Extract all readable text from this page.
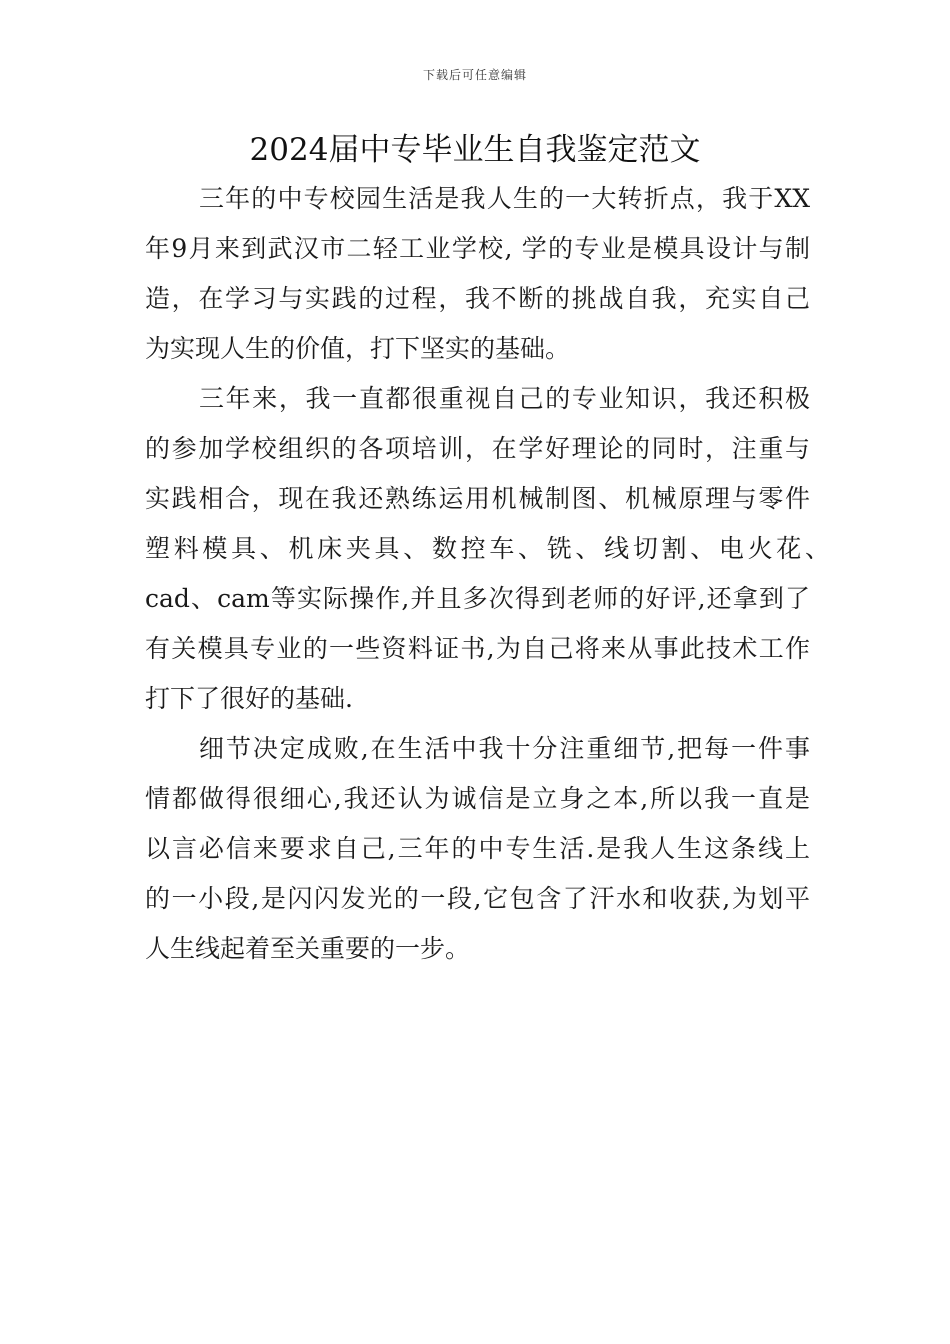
下载后可任意编辑
2024届中专毕业生自我鉴定范文
三年的中专校园生活是我人生的一大转折点，我于XX
年9月来到武汉市二轻工业学校, 学的专业是模具设计与制
造，在学习与实践的过程，我不断的挑战自我，充实自己
为实现人生的价值，打下坚实的基础。
三年来，我一直都很重视自己的专业知识，我还积极
的参加学校组织的各项培训，在学好理论的同时，注重与
实践相合，现在我还熟练运用机械制图、机械原理与零件
塑料模具、机床夹具、数控车、铣、线切割、电火花、
cad、cam等实际操作,并且多次得到老师的好评,还拿到了
有关模具专业的一些资料证书,为自己将来从事此技术工作
打下了很好的基础.
细节决定成败,在生活中我十分注重细节,把每一件事
情都做得很细心,我还认为诚信是立身之本,所以我一直是
以言必信来要求自己,三年的中专生活.是我人生这条线上
的一小段,是闪闪发光的一段,它包含了汗水和收获,为划平
人生线起着至关重要的一步。
